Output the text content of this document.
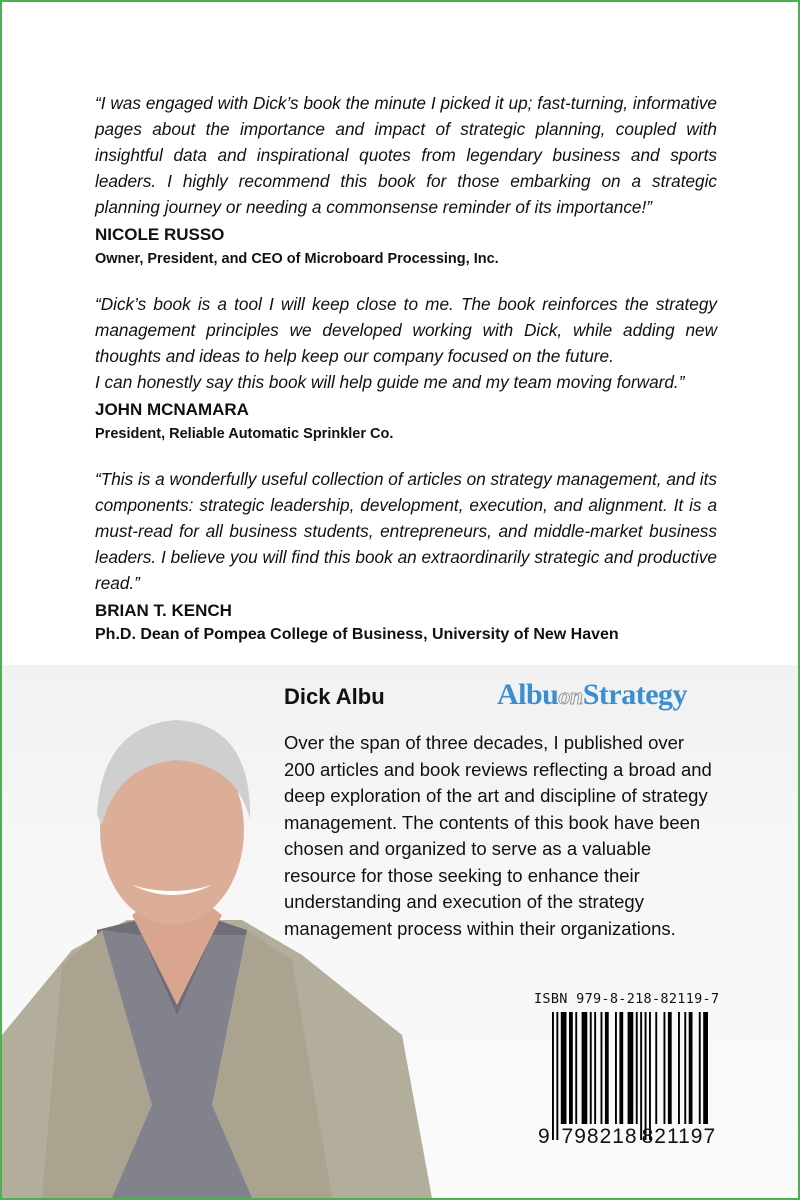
“I was engaged with Dick’s book the minute I picked it up; fast-turning, informative pages about the importance and impact of strategic planning, coupled with insightful data and inspirational quotes from legendary business and sports leaders. I highly recommend this book for those embarking on a strategic planning journey or needing a commonsense reminder of its importance!”

NICOLE RUSSO
Owner, President, and CEO of Microboard Processing, Inc.

“Dick’s book is a tool I will keep close to me. The book reinforces the strategy management principles we developed working with Dick, while adding new thoughts and ideas to help keep our company focused on the future.

I can honestly say this book will help guide me and my team moving forward.”

JOHN MCNAMARA
President, Reliable Automatic Sprinkler Co.

“This is a wonderfully useful collection of articles on strategy management, and its components: strategic leadership, development, execution, and alignment. It is a must-read for all business students, entrepreneurs, and middle-market business leaders. I believe you will find this book an extraordinarily strategic and productive read.”

BRIAN T. KENCH
Ph.D. Dean of Pompea College of Business, University of New Haven
Dick Albu	AlbuonStrategy
Over the span of three decades, I published over 200 articles and book reviews reflecting a broad and deep exploration of the art and discipline of strategy management. The contents of this book have been chosen and organized to serve as a valuable resource for those seeking to enhance their understanding and execution of the strategy management process within their organizations.
ISBN 979-8-218-82119-7
9 798218 821197
